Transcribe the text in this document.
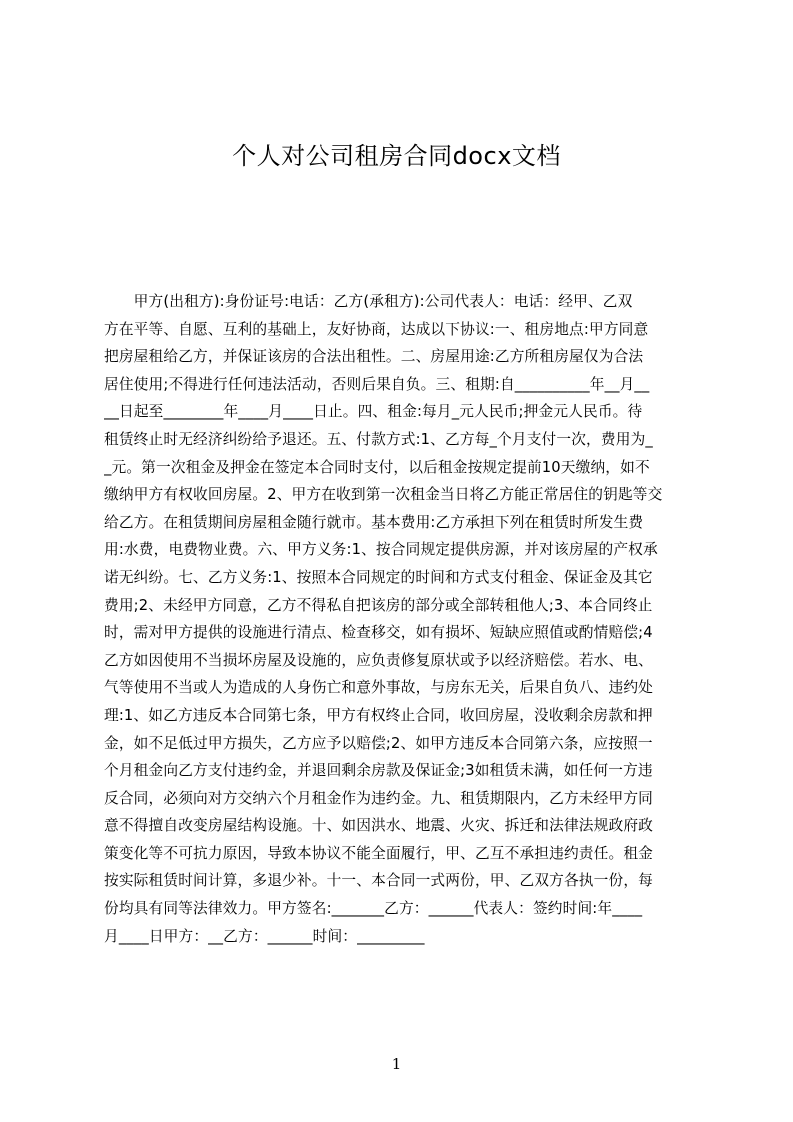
个人对公司租房合同docx文档
　　甲方(出租方):身份证号:电话：乙方(承租方):公司代表人：电话：经甲、乙双
方在平等、自愿、互利的基础上，友好协商，达成以下协议:一、租房地点:甲方同意
把房屋租给乙方，并保证该房的合法出租性。二、房屋用途:乙方所租房屋仅为合法
居住使用;不得进行任何违法活动，否则后果自负。三、租期:自__________年__月__
__日起至________年____月____日止。四、租金:每月_元人民币;押金元人民币。待
租赁终止时无经济纠纷给予退还。五、付款方式:1、乙方每_个月支付一次，费用为_
_元。第一次租金及押金在签定本合同时支付，以后租金按规定提前10天缴纳，如不
缴纳甲方有权收回房屋。2、甲方在收到第一次租金当日将乙方能正常居住的钥匙等交
给乙方。在租赁期间房屋租金随行就市。基本费用:乙方承担下列在租赁时所发生费
用:水费，电费物业费。六、甲方义务:1、按合同规定提供房源，并对该房屋的产权承
诺无纠纷。七、乙方义务:1、按照本合同规定的时间和方式支付租金、保证金及其它
费用;2、未经甲方同意，乙方不得私自把该房的部分或全部转租他人;3、本合同终止
时，需对甲方提供的设施进行清点、检查移交，如有损坏、短缺应照值或酌情赔偿;4
乙方如因使用不当损坏房屋及设施的，应负责修复原状或予以经济赔偿。若水、电、
气等使用不当或人为造成的人身伤亡和意外事故，与房东无关，后果自负八、违约处
理:1、如乙方违反本合同第七条，甲方有权终止合同，收回房屋，没收剩余房款和押
金，如不足低过甲方损失，乙方应予以赔偿;2、如甲方违反本合同第六条，应按照一
个月租金向乙方支付违约金，并退回剩余房款及保证金;3如租赁未满，如任何一方违
反合同，必须向对方交纳六个月租金作为违约金。九、租赁期限内，乙方未经甲方同
意不得擅自改变房屋结构设施。十、如因洪水、地震、火灾、拆迁和法律法规政府政
策变化等不可抗力原因，导致本协议不能全面履行，甲、乙互不承担违约责任。租金
按实际租赁时间计算，多退少补。十一、本合同一式两份，甲、乙双方各执一份，每
份均具有同等法律效力。甲方签名:_______乙方：______代表人：签约时间:年____
月____日甲方：__乙方：______时间：_________
1
